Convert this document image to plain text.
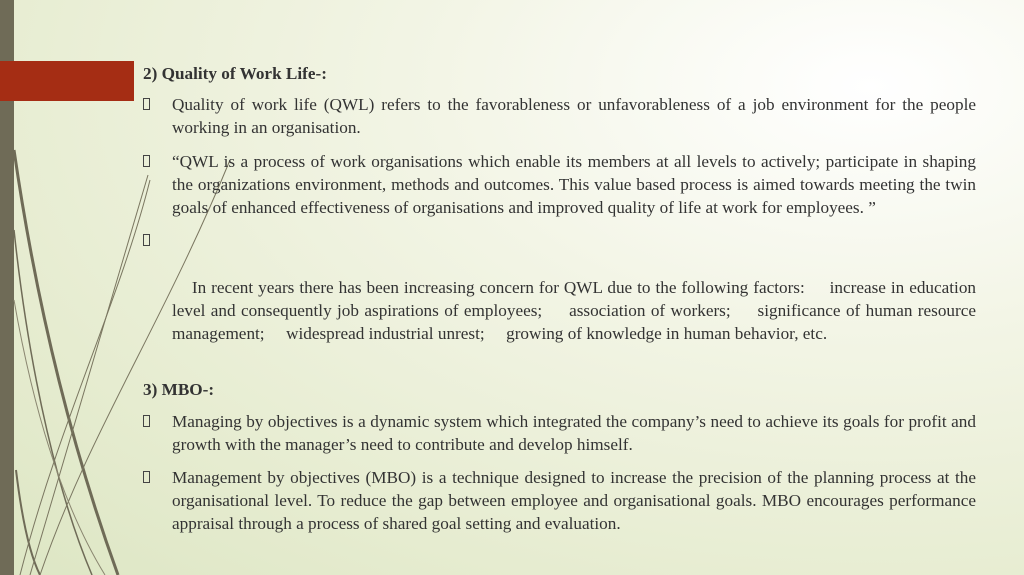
2) Quality of Work Life-:
Quality of work life (QWL) refers to the favorableness or unfavorableness of a job environment for the people working in an organisation.
“QWL is a process of work organisations which enable its members at all levels to actively; participate in shaping the organizations environment, methods and outcomes. This value based process is aimed towards meeting the twin goals of enhanced effectiveness of organisations and improved quality of life at work for employees. ”

In recent years there has been increasing concern for QWL due to the following factors:     increase in education level and consequently job aspirations of employees;     association of workers;     significance of human resource management;     widespread industrial unrest;     growing of knowledge in human behavior, etc.

3) MBO-:
Managing by objectives is a dynamic system which integrated the company’s need to achieve its goals for profit and growth with the manager’s need to contribute and develop himself.
Management by objectives (MBO) is a technique designed to increase the precision of the planning process at the organisational level. To reduce the gap between employee and organisational goals. MBO encourages performance appraisal through a process of shared goal setting and evaluation.
